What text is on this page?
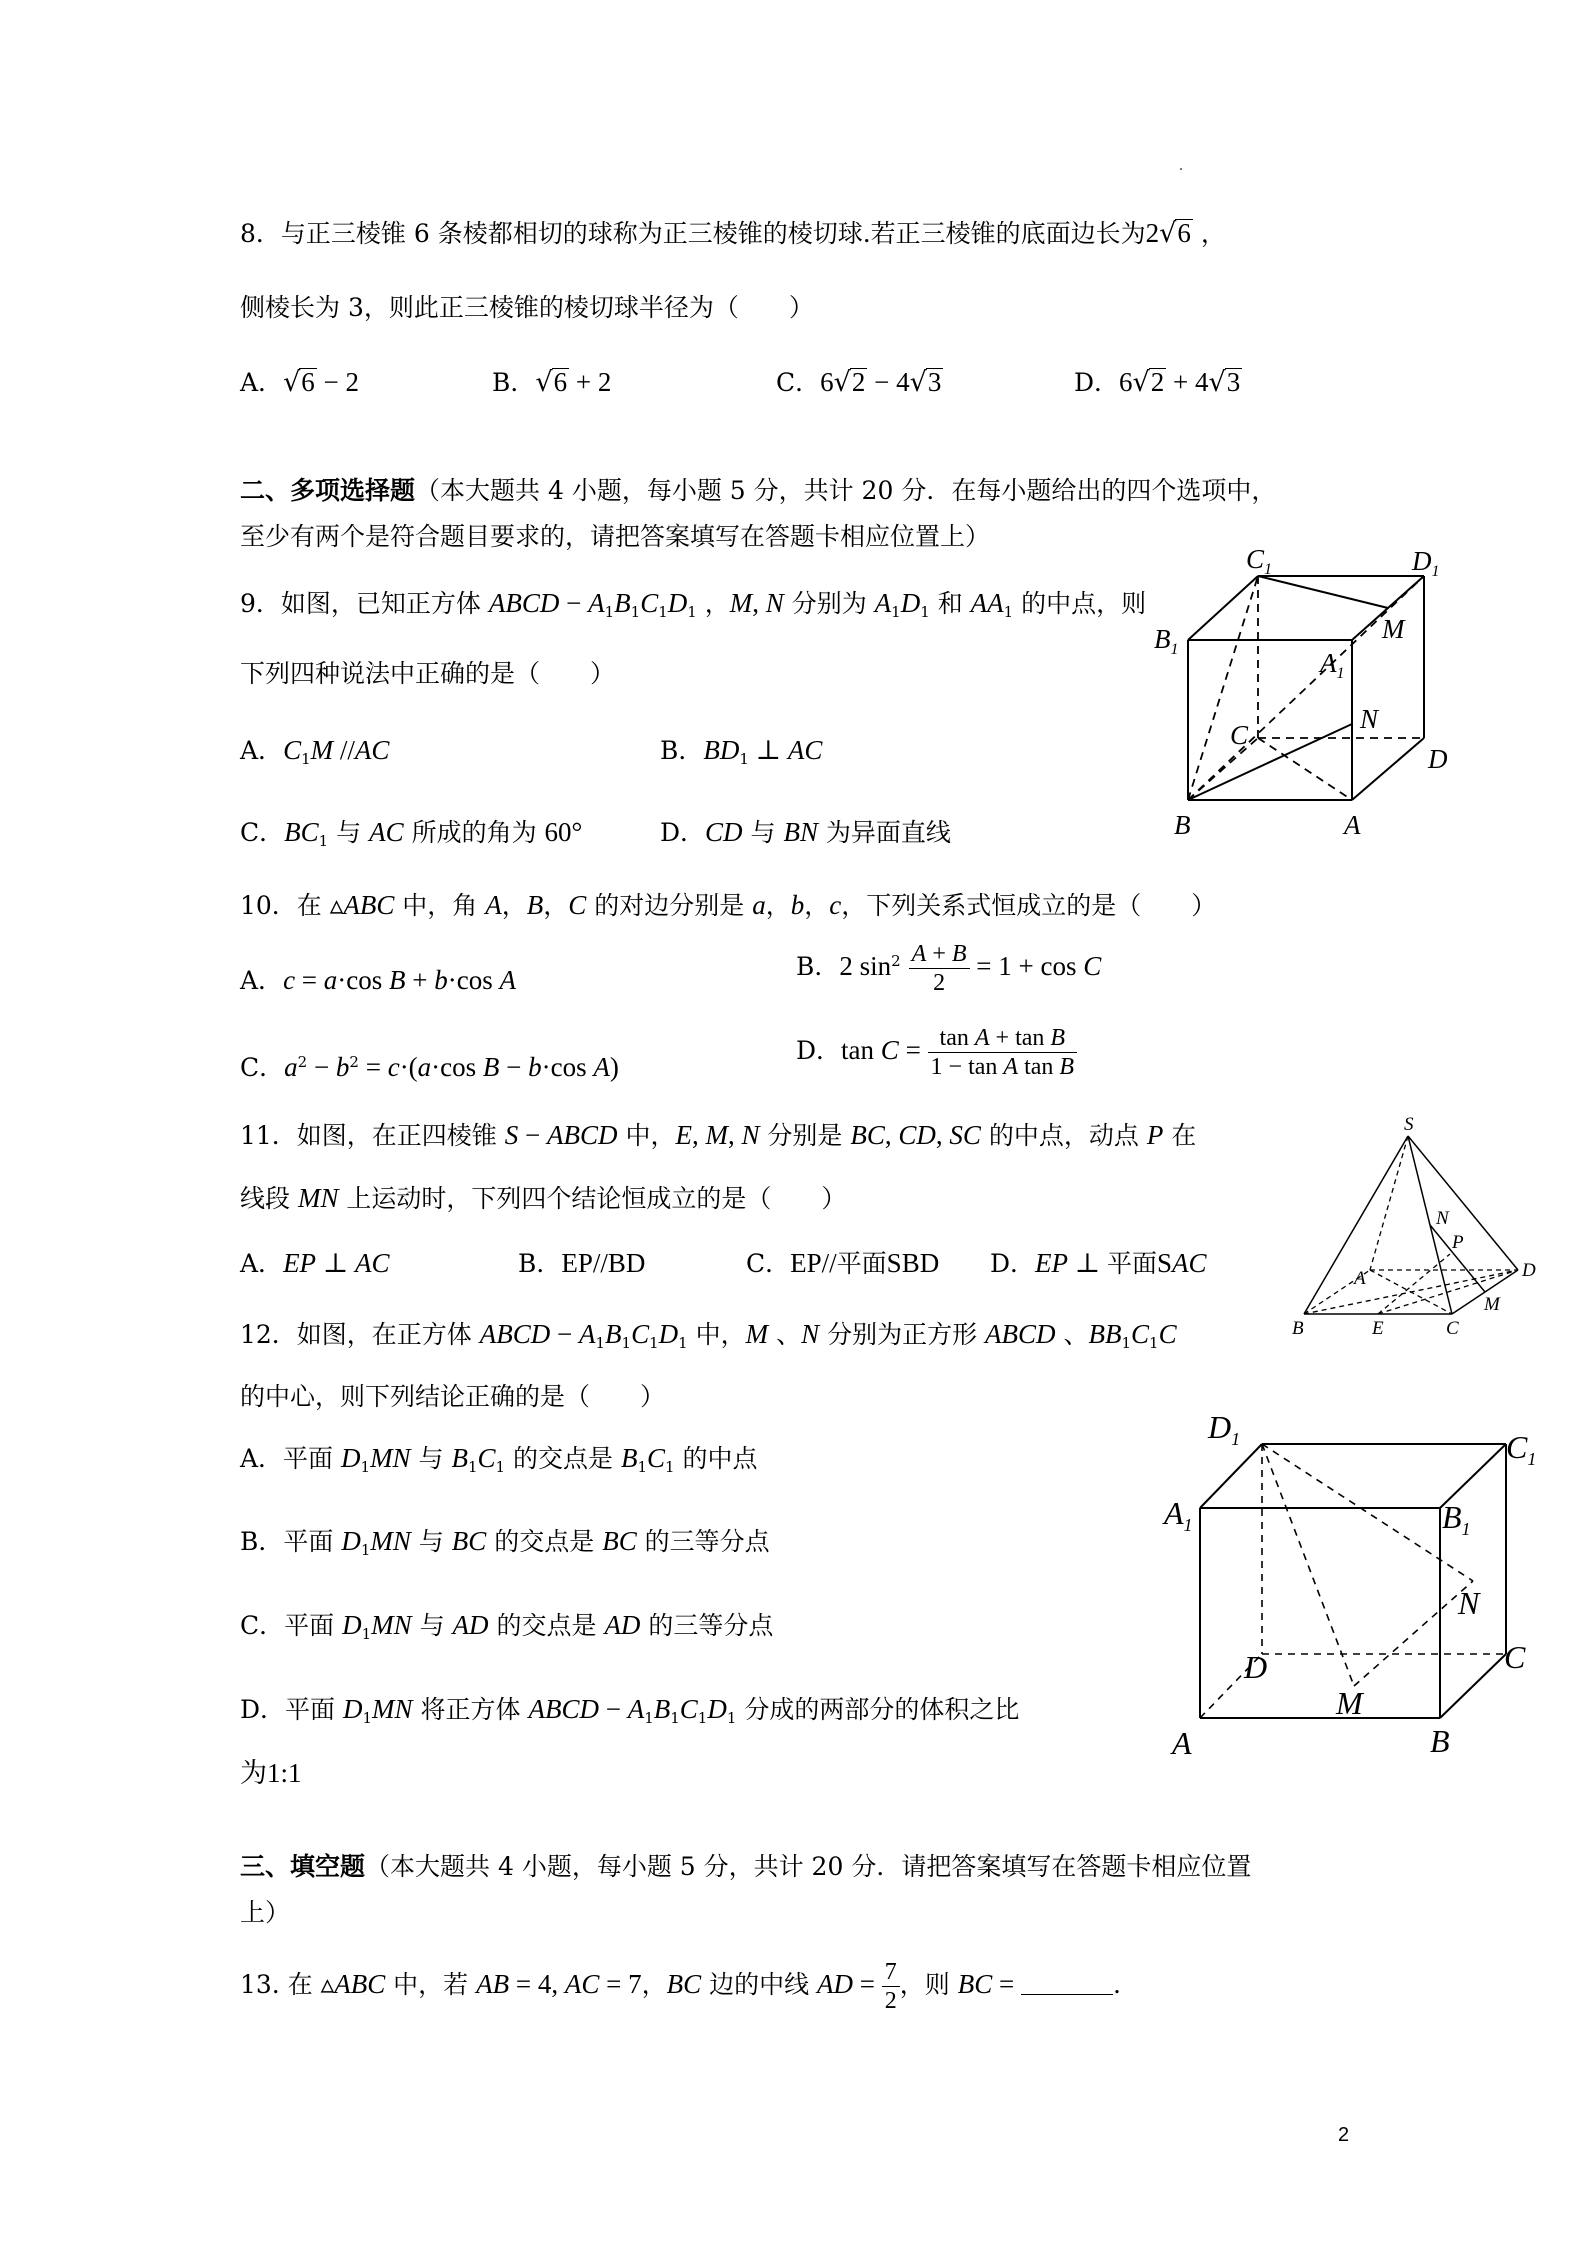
8．与正三棱锥 6 条棱都相切的球称为正三棱锥的棱切球.若正三棱锥的底面边长为2√6 ，
侧棱长为 3，则此正三棱锥的棱切球半径为（　　）
A．√6 − 2	B．√6 + 2	C．6√2 − 4√3	D．6√2 + 4√3
二、多项选择题（本大题共 4 小题，每小题 5 分，共计 20 分．在每小题给出的四个选项中，
至少有两个是符合题目要求的，请把答案填写在答题卡相应位置上）
9．如图，已知正方体 ABCD − $A_1B_1C_1D_1$ ，M, N 分别为 $A_1D_1$ 和 $AA_1$ 的中点，则
下列四种说法中正确的是（　　）
A．$C_1M$ //AC	B．$BD_1$ ⊥ AC
C．$BC_1$ 与 AC 所成的角为 60°	D．CD 与 BN 为异面直线
$C_1$	$D_1$
$B_1$
M
$A_1$
N
C
D
B	A
10．在 ▵ABC 中，角 A，B，C 的对边分别是 a，b，c，下列关系式恒成立的是（　　）
A．c = a·cos B + b·cos A	B．2 $\sin^2 \frac{A + B}{2} = 1 + \cos C$
C．$a^2 - b^2 = c\cdot(a\cdot\cos$ B − b·cos A)
D．$\tan C = \frac{\text{tan A + tan B}}{\text{1 − tan A tan B}}$
11．如图，在正四棱锥 S − ABCD 中，E, M, N 分别是 BC, CD, SC 的中点，动点 P 在
线段 MN 上运动时，下列四个结论恒成立的是（　　）
A．EP ⊥ AC	B．EP//BD	C．EP//平面SBD D．EP ⊥ 平面SAC
S
N
P
A	D
B	E	C
M
12．如图，在正方体 ABCD − $A_1B_1C_1D_1$ 中，M 、N 分别为正方形 ABCD 、$BB_1C_1C$
的中心，则下列结论正确的是（　　）
A．平面 $D_1MN$ 与 $B_1C_1$ 的交点是 $B_1C_1$ 的中点
B．平面 $D_1MN$ 与 BC 的交点是 BC 的三等分点
C．平面 $D_1MN$ 与 AD 的交点是 AD 的三等分点
D．平面 $D_1MN$ 将正方体 ABCD − $A_1B_1C_1D_1$ 分成的两部分的体积之比
为1:1
$D_1$	$C_1$
$A_1$	$B_1$
N
D
M
C
A	B
三、填空题（本大题共 4 小题，每小题 5 分，共计 20 分．请把答案填写在答题卡相应位置
上）
13. 在 ▵ABC 中，若 AB = 4, AC = 7，BC 边的中线 AD = $\frac{7}{2}$ ，则 BC =	.
2
